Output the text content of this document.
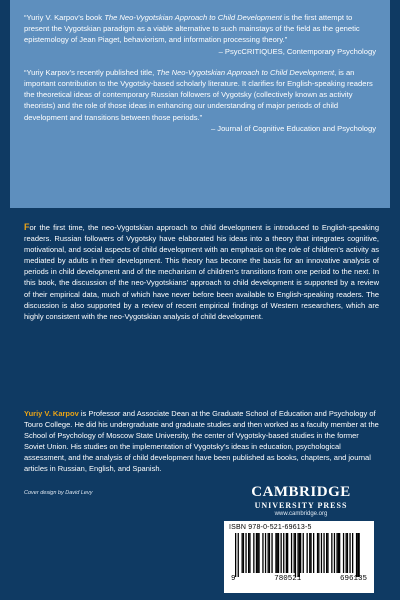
“Yuriy V. Karpov’s book The Neo-Vygotskian Approach to Child Development is the first attempt to present the Vygotskian paradigm as a viable alternative to such mainstays of the field as the genetic epistemology of Jean Piaget, behaviorism, and information processing theory.”
– PsycCRITIQUES, Contemporary Psychology

“Yuriy Karpov’s recently published title, The Neo-Vygotskian Approach to Child Development, is an important contribution to the Vygotsky-based scholarly literature. It clarifies for English-speaking readers the theoretical ideas of contemporary Russian followers of Vygotsky (collectively known as activity theorists) and the role of those ideas in enhancing our understanding of major periods of child development and transitions between those periods.”
– Journal of Cognitive Education and Psychology

For the first time, the neo-Vygotskian approach to child development is introduced to English-speaking readers. Russian followers of Vygotsky have elaborated his ideas into a theory that integrates cognitive, motivational, and social aspects of child development with an emphasis on the role of children’s activity as mediated by adults in their development. This theory has become the basis for an innovative analysis of periods in child development and of the mechanism of children’s transitions from one period to the next. In this book, the discussion of the neo-Vygotskians’ approach to child development is supported by a review of their empirical data, much of which have never before been available to English-speaking readers. The discussion is also supported by a review of recent empirical findings of Western researchers, which are highly consistent with the neo-Vygotskian analysis of child development.

Yuriy V. Karpov is Professor and Associate Dean at the Graduate School of Education and Psychology of Touro College. He did his undergraduate and graduate studies and then worked as a faculty member at the School of Psychology of Moscow State University, the center of Vygotsky-based studies in the former Soviet Union. His studies on the implementation of Vygotsky’s ideas in education, psychological assessment, and the analysis of child development have been published as books, chapters, and journal articles in Russian, English, and Spanish.

Cover design by David Levy	CAMBRIDGE
UNIVERSITY PRESS
www.cambridge.org
ISBN 978-0-521-69613-5
9	780521	696135
